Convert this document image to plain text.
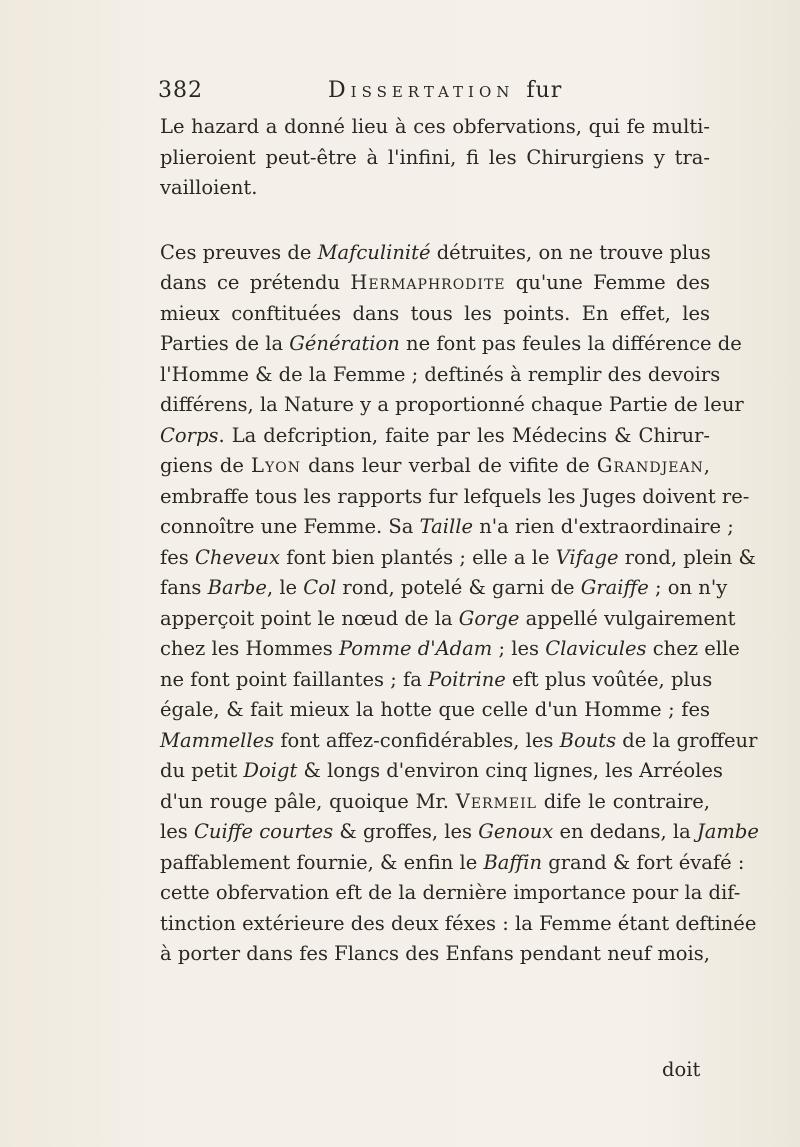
382	Dissertation fur
Le hazard a donné lieu à ces obfervations, qui fe multi-
plieroient peut-être à l'infini, fi les Chirurgiens y tra-
vailloient.
Ces preuves de Mafculinité détruites, on ne trouve plus
dans ce prétendu Hermaphrodite qu'une Femme des
mieux conftituées dans tous les points. En effet, les
Parties de la Génération ne font pas feules la différence de
l'Homme & de la Femme ; deftinés à remplir des devoirs
différens, la Nature y a proportionné chaque Partie de leur
Corps. La defcription, faite par les Médecins & Chirur-
giens de Lyon dans leur verbal de vifite de Grandjean,
embraffe tous les rapports fur lefquels les Juges doivent re-
connoître une Femme. Sa Taille n'a rien d'extraordinaire ;
fes Cheveux font bien plantés ; elle a le Vifage rond, plein &
fans Barbe, le Col rond, potelé & garni de Graiffe ; on n'y
apperçoit point le nœud de la Gorge appellé vulgairement
chez les Hommes Pomme d'Adam ; les Clavicules chez elle
ne font point faillantes ; fa Poitrine eft plus voûtée, plus
égale, & fait mieux la hotte que celle d'un Homme ; fes
Mammelles font affez-confidérables, les Bouts de la groffeur
du petit Doigt & longs d'environ cinq lignes, les Arréoles
d'un rouge pâle, quoique Mr. Vermeil dife le contraire,
les Cuiffe courtes & groffes, les Genoux en dedans, la Jambe
paffablement fournie, & enfin le Baffin grand & fort évafé :
cette obfervation eft de la dernière importance pour la dif-
tinction extérieure des deux féxes : la Femme étant deftinée
à porter dans fes Flancs des Enfans pendant neuf mois,
doit
